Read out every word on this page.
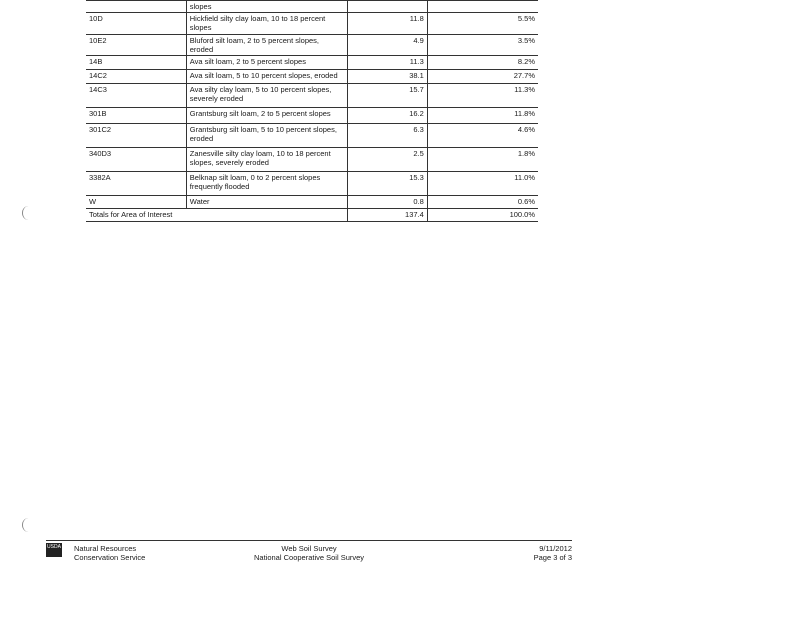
	slopes		
10D	Hickfield silty clay loam, 10 to 18 percent slopes	11.8	5.5%
10E2	Bluford silt loam, 2 to 5 percent slopes, eroded	4.9	3.5%
14B	Ava silt loam, 2 to 5 percent slopes	11.3	8.2%
14C2	Ava silt loam, 5 to 10 percent slopes, eroded	38.1	27.7%
14C3	Ava silty clay loam, 5 to 10 percent slopes, severely eroded	15.7	11.3%
301B	Grantsburg silt loam, 2 to 5 percent slopes	16.2	11.8%
301C2	Grantsburg silt loam, 5 to 10 percent slopes, eroded	6.3	4.6%
340D3	Zanesville silty clay loam, 10 to 18 percent slopes, severely eroded	2.5	1.8%
3382A	Belknap silt loam, 0 to 2 percent slopes frequently flooded	15.3	11.0%
W	Water	0.8	0.6%
Totals for Area of Interest		137.4	100.0%
USDA Natural Resources
Conservation Service
Web Soil Survey
National Cooperative Soil Survey
9/11/2012
Page 3 of 3
